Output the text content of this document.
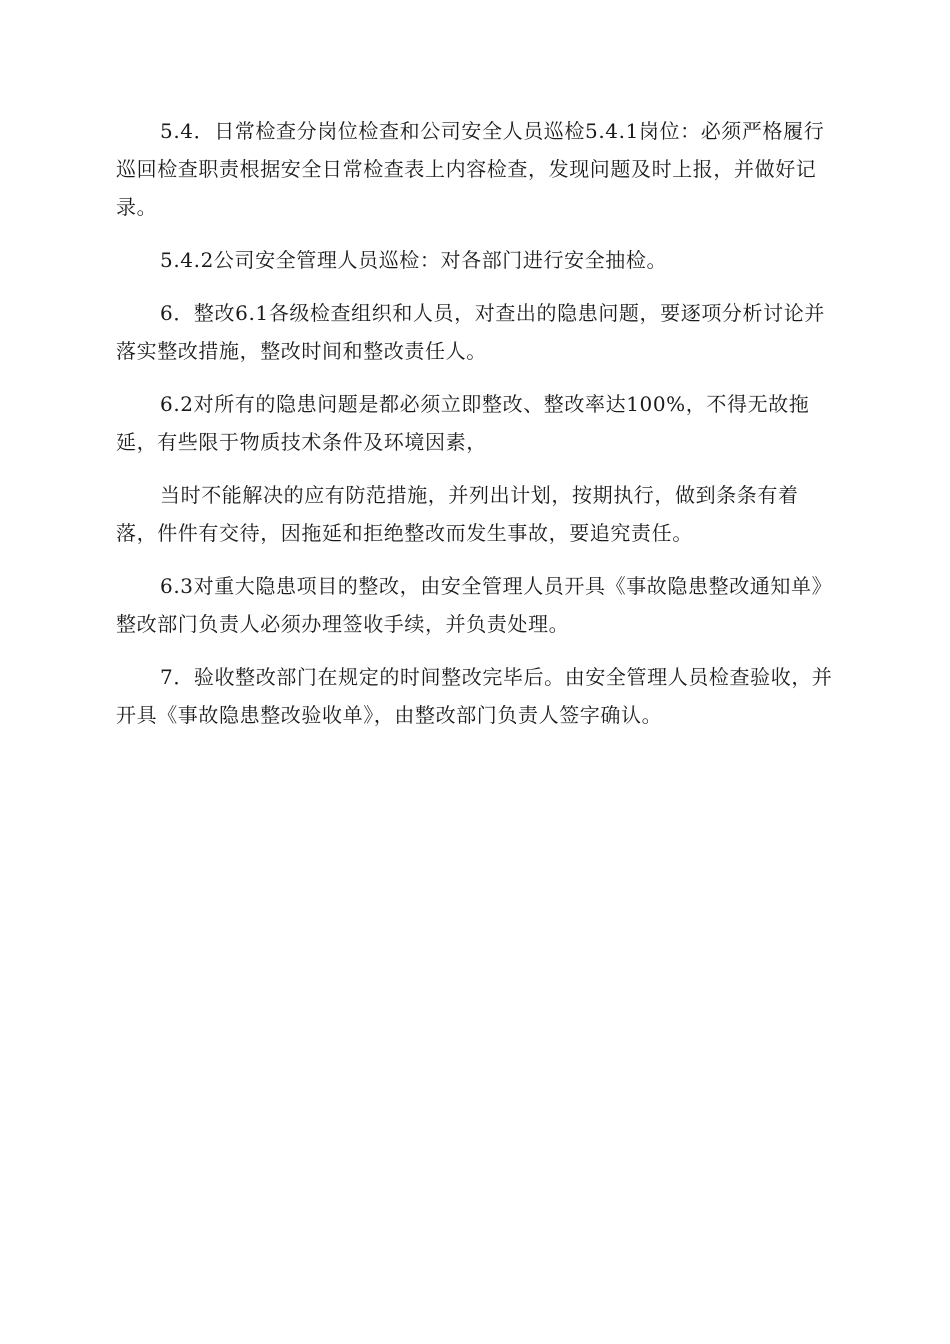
5.4．日常检查分岗位检查和公司安全人员巡检5.4.1岗位：必须严格履行巡回检查职责根据安全日常检查表上内容检查，发现问题及时上报，并做好记录。

5.4.2公司安全管理人员巡检：对各部门进行安全抽检。

6．整改6.1各级检查组织和人员，对查出的隐患问题，要逐项分析讨论并落实整改措施，整改时间和整改责任人。

6.2对所有的隐患问题是都必须立即整改、整改率达100%，不得无故拖延，有些限于物质技术条件及环境因素，

当时不能解决的应有防范措施，并列出计划，按期执行，做到条条有着落，件件有交待，因拖延和拒绝整改而发生事故，要追究责任。

6.3对重大隐患项目的整改，由安全管理人员开具《事故隐患整改通知单》整改部门负责人必须办理签收手续，并负责处理。

7．验收整改部门在规定的时间整改完毕后。由安全管理人员检查验收，并开具《事故隐患整改验收单》，由整改部门负责人签字确认。
